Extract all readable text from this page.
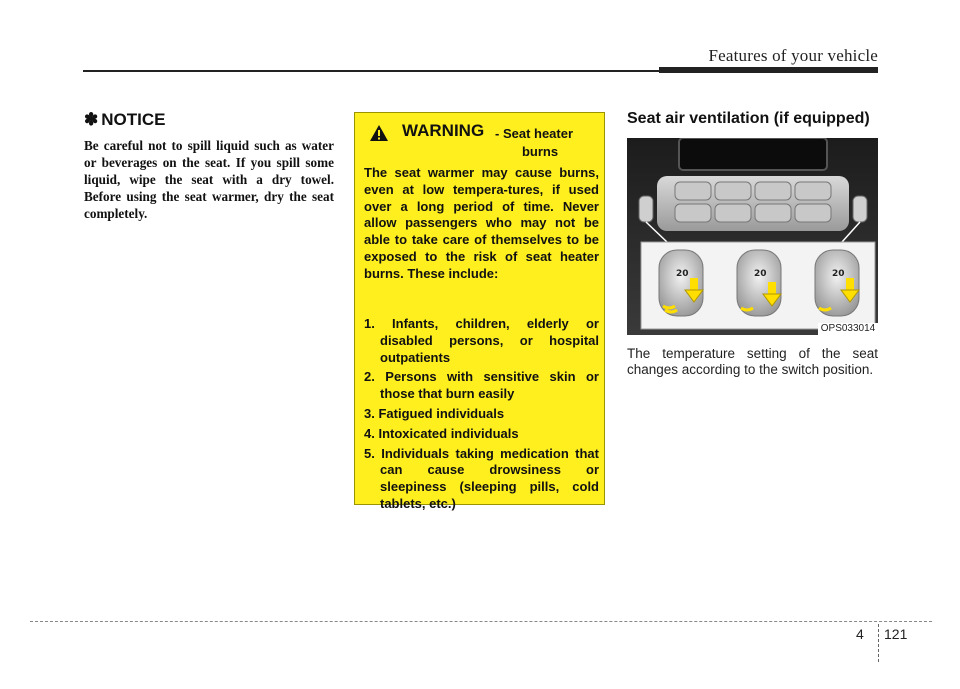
Features of your vehicle
✽ NOTICE
Be careful not to spill liquid such as water or beverages on the seat. If you spill some liquid, wipe the seat with a dry towel. Before using the seat warmer, dry the seat completely.
WARNING - Seat heater
burns
The seat warmer may cause burns, even at low tempera-tures, if used over a long period of time. Never allow passengers who may not be able to take care of themselves to be exposed to the risk of seat heater burns. These include:
1. Infants, children, elderly or disabled persons, or hospital outpatients
2. Persons with sensitive skin or those that burn easily
3. Fatigued individuals
4. Intoxicated individuals
5. Individuals taking medication that can cause drowsiness or sleepiness (sleeping pills, cold tablets, etc.)
Seat air ventilation (if equipped)
20	20	20
OPS033014
The temperature setting of the seat changes according to the switch position.
4 121
